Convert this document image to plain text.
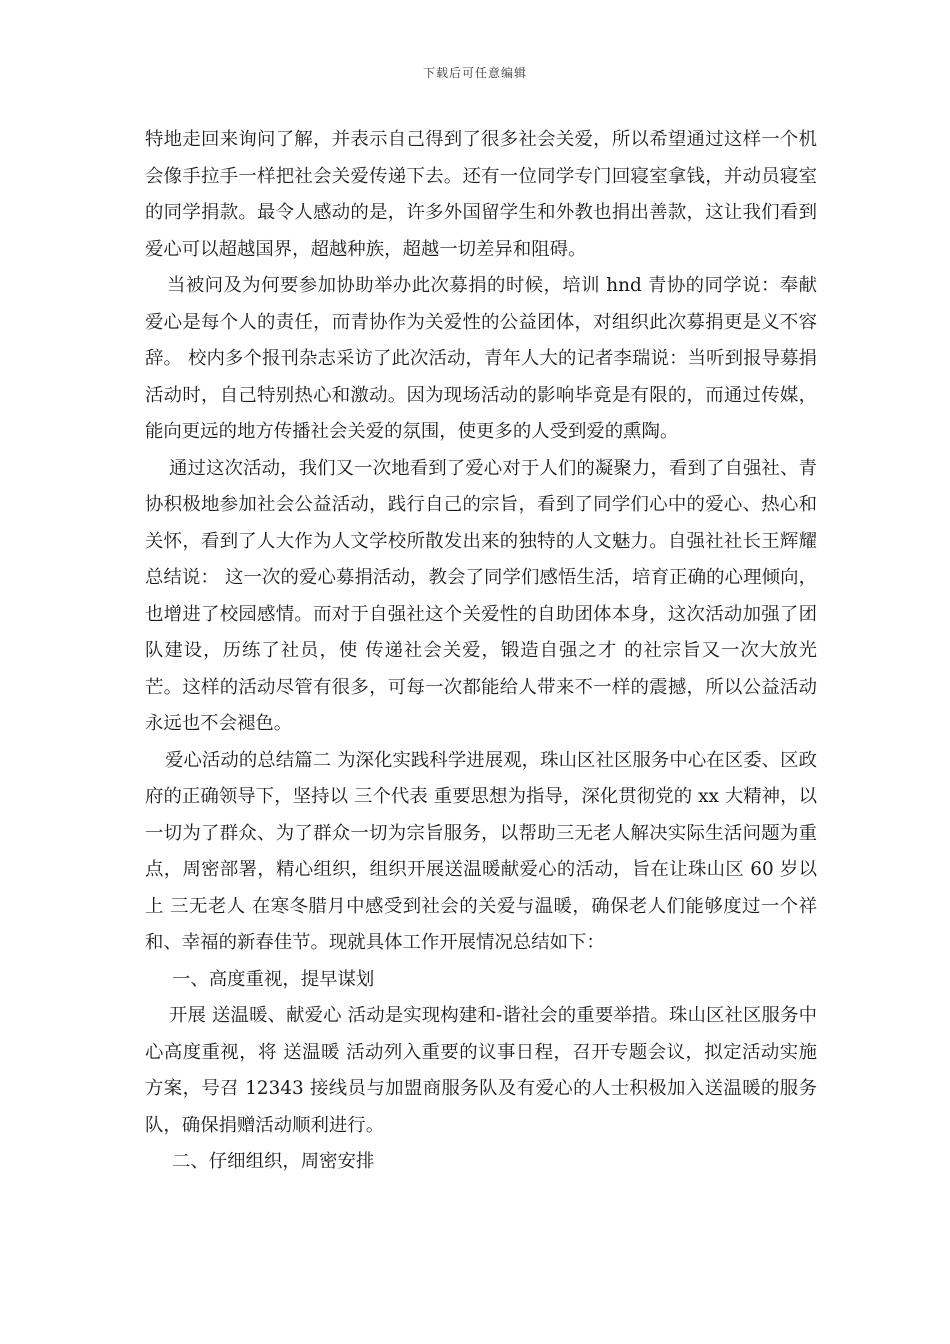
下载后可任意编辑

特地走回来询问了解，并表示自己得到了很多社会关爱，所以希望通过这样一个机会像手拉手一样把社会关爱传递下去。还有一位同学专门回寝室拿钱，并动员寝室的同学捐款。最令人感动的是，许多外国留学生和外教也捐出善款，这让我们看到爱心可以超越国界，超越种族，超越一切差异和阻碍。

当被问及为何要参加协助举办此次募捐的时候，培训 hnd 青协的同学说：奉献爱心是每个人的责任，而青协作为关爱性的公益团体，对组织此次募捐更是义不容辞。 校内多个报刊杂志采访了此次活动，青年人大的记者李瑞说：当听到报导募捐活动时，自己特别热心和激动。因为现场活动的影响毕竟是有限的，而通过传媒，能向更远的地方传播社会关爱的氛围，使更多的人受到爱的熏陶。

通过这次活动，我们又一次地看到了爱心对于人们的凝聚力，看到了自强社、青协积极地参加社会公益活动，践行自己的宗旨，看到了同学们心中的爱心、热心和关怀，看到了人大作为人文学校所散发出来的独特的人文魅力。自强社社长王辉耀总结说： 这一次的爱心募捐活动，教会了同学们感悟生活，培育正确的心理倾向，也增进了校园感情。而对于自强社这个关爱性的自助团体本身，这次活动加强了团队建设，历练了社员，使 传递社会关爱，锻造自强之才 的社宗旨又一次大放光芒。这样的活动尽管有很多，可每一次都能给人带来不一样的震撼，所以公益活动永远也不会褪色。

爱心活动的总结篇二 为深化实践科学进展观，珠山区社区服务中心在区委、区政府的正确领导下，坚持以 三个代表 重要思想为指导，深化贯彻党的 xx 大精神，以一切为了群众、为了群众一切为宗旨服务，以帮助三无老人解决实际生活问题为重点，周密部署，精心组织，组织开展送温暖献爱心的活动，旨在让珠山区 60 岁以上 三无老人 在寒冬腊月中感受到社会的关爱与温暖，确保老人们能够度过一个祥和、幸福的新春佳节。现就具体工作开展情况总结如下：

一、高度重视，提早谋划

开展 送温暖、献爱心 活动是实现构建和-谐社会的重要举措。珠山区社区服务中心高度重视，将 送温暖 活动列入重要的议事日程，召开专题会议，拟定活动实施方案，号召 12343 接线员与加盟商服务队及有爱心的人士积极加入送温暖的服务队，确保捐赠活动顺利进行。

二、仔细组织，周密安排
